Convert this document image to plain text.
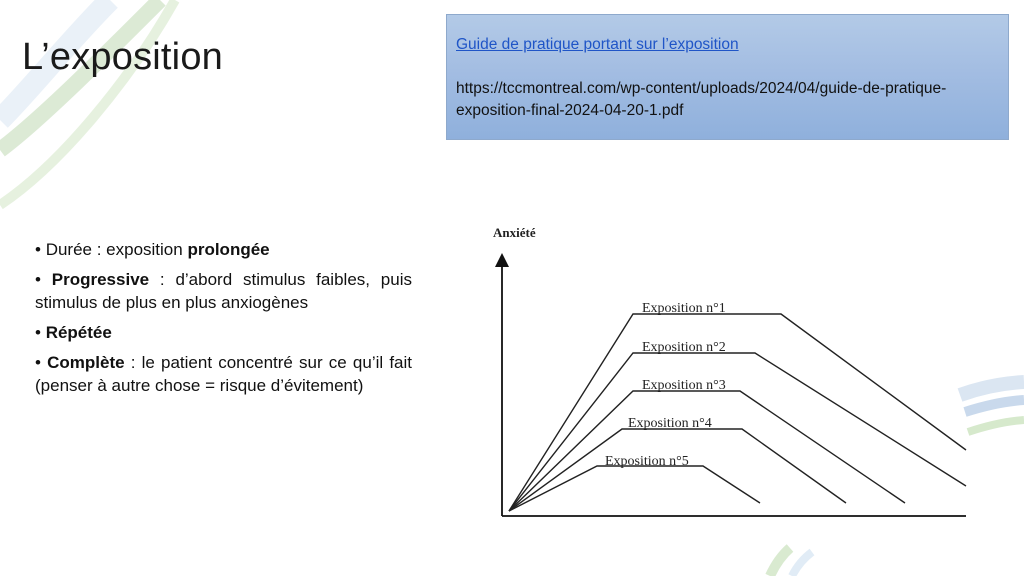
L’exposition	Guide de pratique portant sur l’exposition
https://tccmontreal.com/wp-content/uploads/2024/04/guide-de-pratique-exposition-final-2024-04-20-1.pdf
• Durée : exposition prolongée
• Progressive : d’abord stimulus faibles, puis stimulus de plus en plus anxiogènes
• Répétée
• Complète : le patient concentré sur ce qu’il fait (penser à autre chose = risque d’évitement)
Anxiété
Exposition n°1
Exposition n°2
Exposition n°3
Exposition n°4
Exposition n°5
